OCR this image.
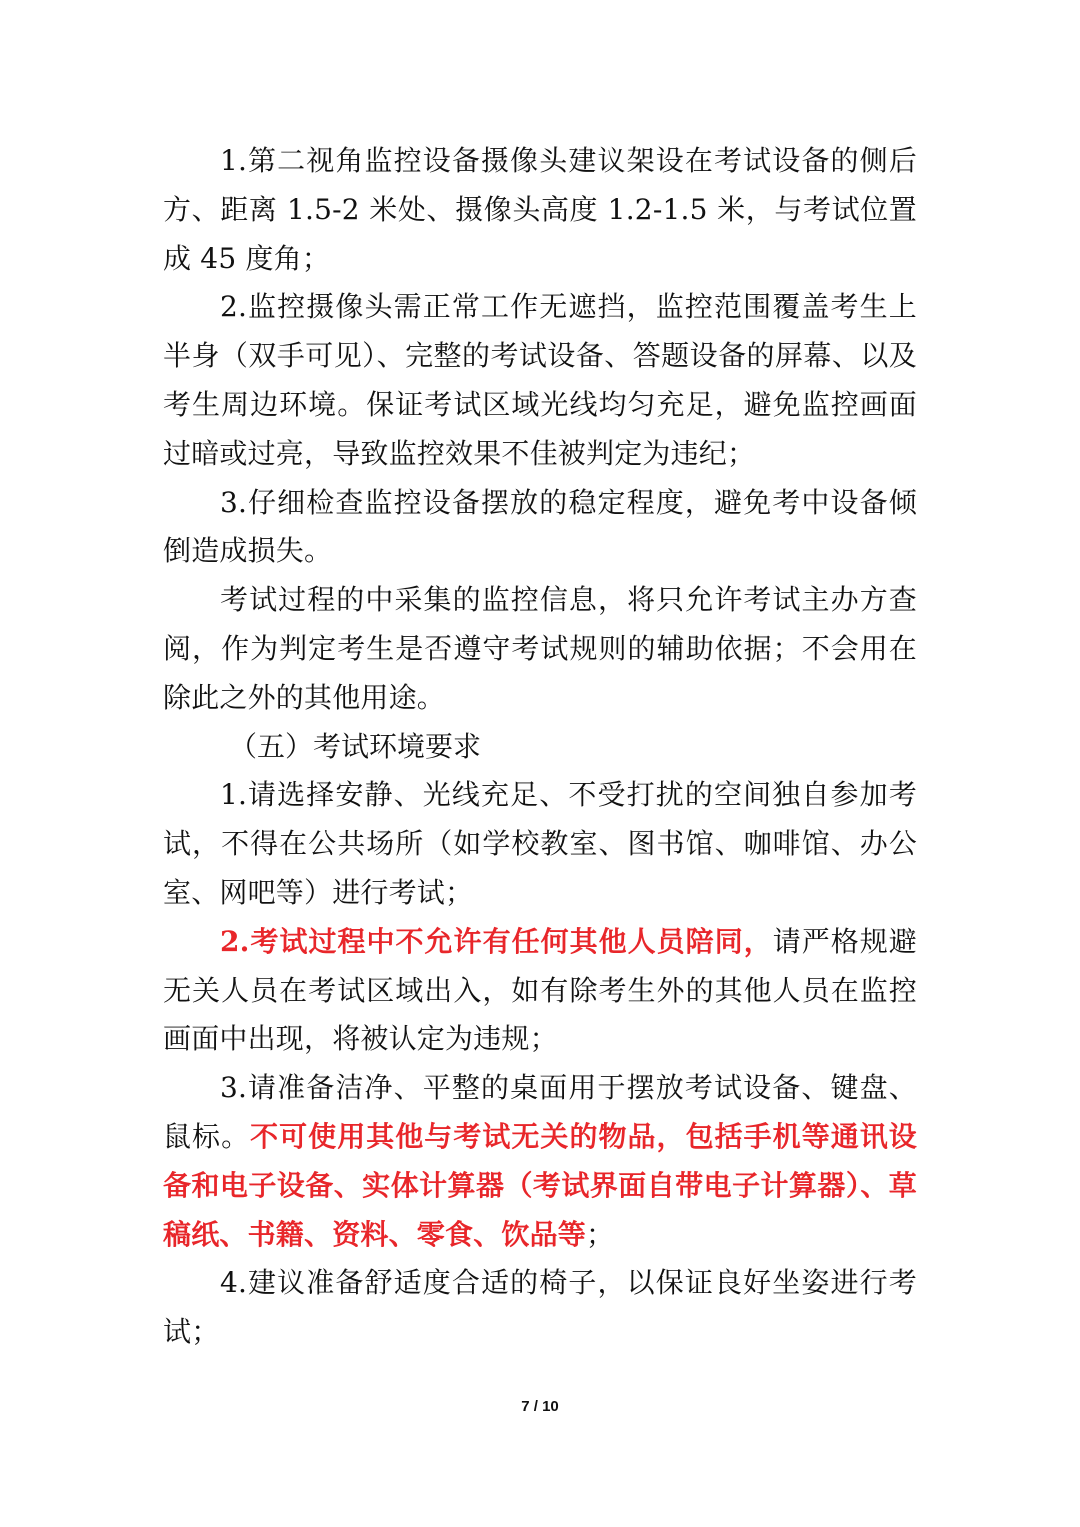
1.第二视角监控设备摄像头建议架设在考试设备的侧后方、距离 1.5-2 米处、摄像头高度 1.2-1.5 米，与考试位置成 45 度角；

2.监控摄像头需正常工作无遮挡，监控范围覆盖考生上半身（双手可见）、完整的考试设备、答题设备的屏幕、以及考生周边环境。保证考试区域光线均匀充足，避免监控画面过暗或过亮，导致监控效果不佳被判定为违纪；

3.仔细检查监控设备摆放的稳定程度，避免考中设备倾倒造成损失。

考试过程的中采集的监控信息，将只允许考试主办方查阅，作为判定考生是否遵守考试规则的辅助依据；不会用在除此之外的其他用途。

（五）考试环境要求

1.请选择安静、光线充足、不受打扰的空间独自参加考试，不得在公共场所（如学校教室、图书馆、咖啡馆、办公室、网吧等）进行考试；

2.考试过程中不允许有任何其他人员陪同，请严格规避无关人员在考试区域出入，如有除考生外的其他人员在监控画面中出现，将被认定为违规；

3.请准备洁净、平整的桌面用于摆放考试设备、键盘、鼠标。不可使用其他与考试无关的物品，包括手机等通讯设备和电子设备、实体计算器（考试界面自带电子计算器）、草稿纸、书籍、资料、零食、饮品等；

4.建议准备舒适度合适的椅子，以保证良好坐姿进行考试；

7 / 10
